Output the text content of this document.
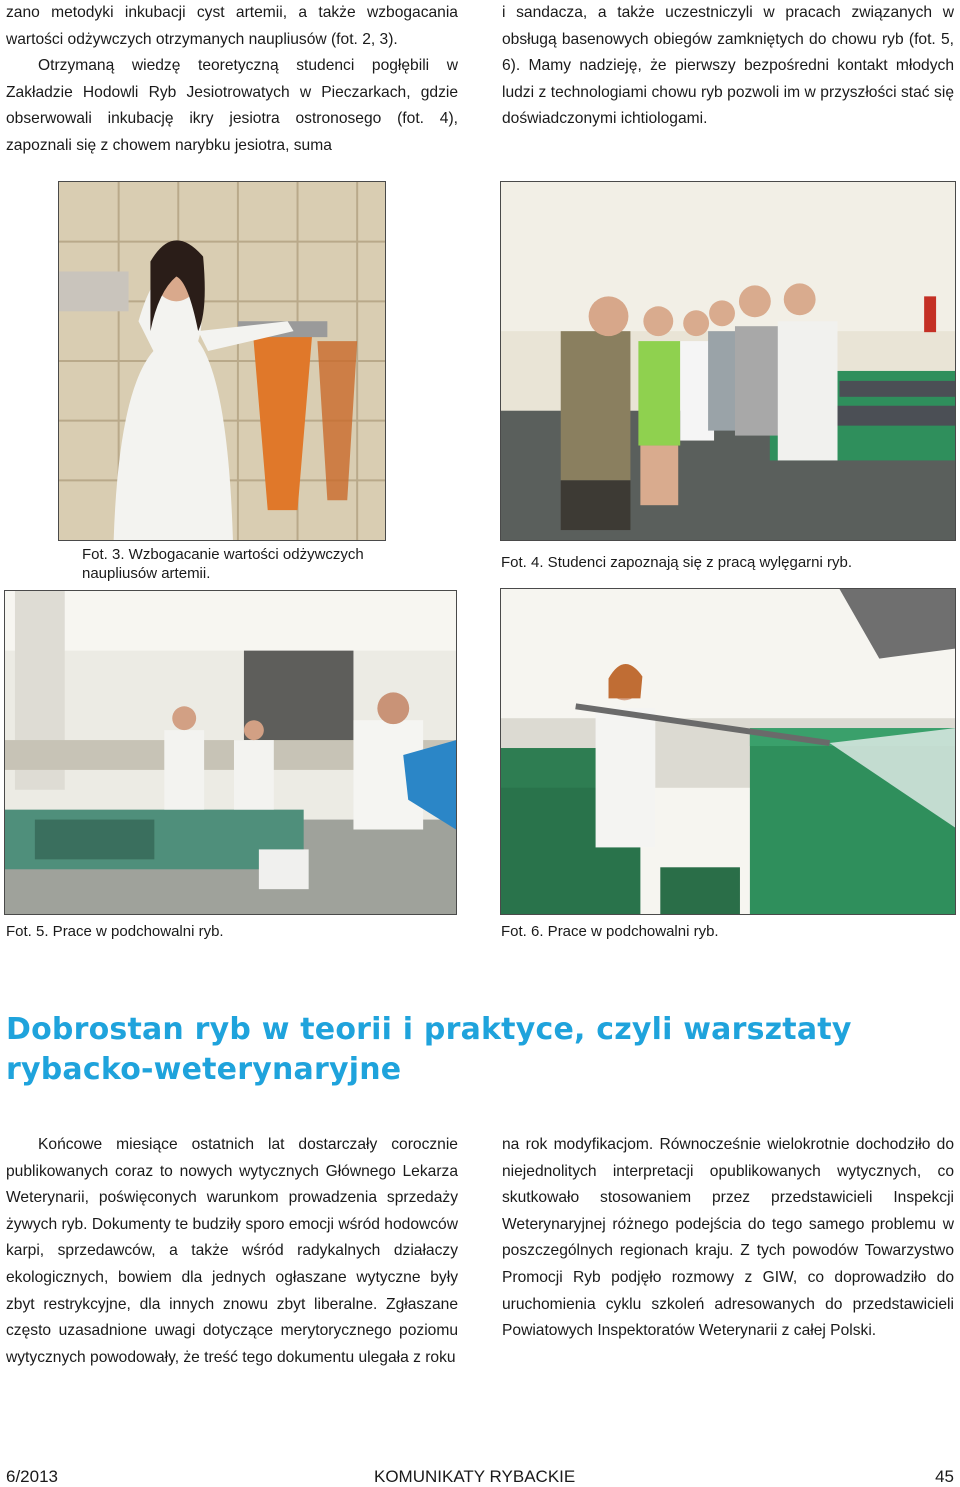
zano metodyki inkubacji cyst artemii, a także wzbogacania wartości odżywczych otrzymanych naupliusów (fot. 2, 3).

Otrzymaną wiedzę teoretyczną studenci pogłębili w Zakładzie Hodowli Ryb Jesiotrowatych w Pieczarkach, gdzie obserwowali inkubację ikry jesiotra ostronosego (fot. 4), zapoznali się z chowem narybku jesiotra, suma

i sandacza, a także uczestniczyli w pracach związanych w obsługą basenowych obiegów zamkniętych do chowu ryb (fot. 5, 6). Mamy nadzieję, że pierwszy bezpośredni kontakt młodych ludzi z technologiami chowu ryb pozwoli im w przyszłości stać się doświadczonymi ichtiologami.

Fot. 3. Wzbogacanie wartości odżywczych naupliusów artemii.
Fot. 4. Studenci zapoznają się z pracą wylęgarni ryb.
Fot. 5. Prace w podchowalni ryb.	Fot. 6. Prace w podchowalni ryb.
Dobrostan ryb w teorii i praktyce, czyli warsztaty rybacko-weterynaryjne

Końcowe miesiące ostatnich lat dostarczały corocznie publikowanych coraz to nowych wytycznych Głównego Lekarza Weterynarii, poświęconych warunkom prowadzenia sprzedaży żywych ryb. Dokumenty te budziły sporo emocji wśród hodowców karpi, sprzedawców, a także wśród radykalnych działaczy ekologicznych, bowiem dla jednych ogłaszane wytyczne były zbyt restrykcyjne, dla innych znowu zbyt liberalne. Zgłaszane często uzasadnione uwagi dotyczące merytorycznego poziomu wytycznych powodowały, że treść tego dokumentu ulegała z roku

na rok modyfikacjom. Równocześnie wielokrotnie dochodziło do niejednolitych interpretacji opublikowanych wytycznych, co skutkowało stosowaniem przez przedstawicieli Inspekcji Weterynaryjnej różnego podejścia do tego samego problemu w poszczególnych regionach kraju. Z tych powodów Towarzystwo Promocji Ryb podjęło rozmowy z GIW, co doprowadziło do uruchomienia cyklu szkoleń adresowanych do przedstawicieli Powiatowych Inspektoratów Weterynarii z całej Polski.

6/2013	KOMUNIKATY RYBACKIE	45
